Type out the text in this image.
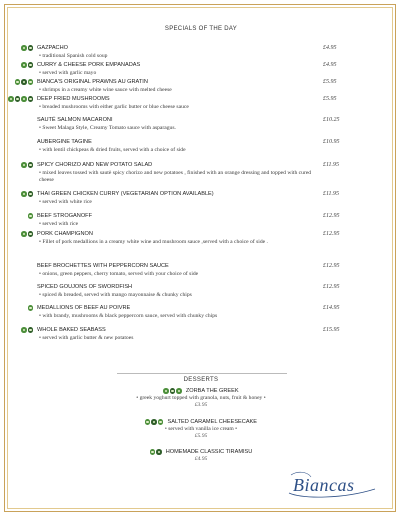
SPECIALS OF THE DAY
GAZPACHO	£4.95
• traditional Spanish cold soup
CURRY & CHEESE PORK EMPANADAS	£4.95
• served with garlic mayo
BIANCA'S ORIGINAL PRAWNS AU GRATIN	£5.95
• shrimps in a creamy white wine sauce with melted cheese
DEEP FRIED MUSHROOMS	£5.95
• breaded mushrooms with either garlic butter or blue cheese sauce
SAUTÉ SALMON MACARONI	£10.25
• Sweet Malaga Style, Creamy Tomato sauce with asparagus.
AUBERGINE TAGINE	£10.95
• with lentil chickpeas & dried fruits, served with a choice of side
SPICY CHORIZO AND NEW POTATO SALAD	£11.95
• mixed leaves tossed with sautè spicy chorizo and new potatoes , finished with an orange dressing and topped with cured cheese
THAI GREEN CHICKEN CURRY (VEGETARIAN OPTION AVAILABLE)	£11.95
• served with white rice
BEEF STROGANOFF	£12.95
• served with rice
PORK CHAMPIGNON	£12.95
• Fillet of pork medallions in a creamy white wine and mushroom sauce ,served with a choice of side .
BEEF BROCHETTES WITH PEPPERCORN SAUCE	£12.95
• onions, green peppers, cherry tomato, served with your choice of side
SPICED GOUJONS OF SWORDFISH	£12.95
• spiced & breaded, served with mango mayonnaise & chunky chips
MEDALLIONS OF BEEF AU POIVRE	£14.95
• with brandy, mushrooms & black peppercorn sauce, served with chunky chips
WHOLE BAKED SEABASS	£15.95
• served with garlic butter & new potatoes
DESSERTS
ZORBA THE GREEK
• greek yoghurt topped with granola, nuts, fruit & honey •
£3.95
SALTED CARAMEL CHEESECAKE
• served with vanilla ice cream •
£5.95
HOMEMADE CLASSIC TIRAMISU
£4.95
Biancas
